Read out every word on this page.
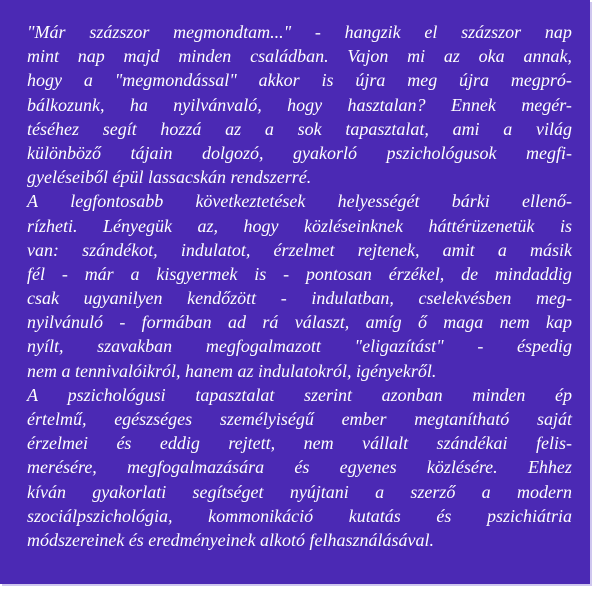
"Már százszor megmondtam..." - hangzik el százszor nap
mint nap majd minden családban. Vajon mi az oka annak,
hogy a "megmondással" akkor is újra meg újra megpró-
bálkozunk, ha nyilvánvaló, hogy hasztalan? Ennek megér-
téséhez segít hozzá az a sok tapasztalat, ami a világ
különböző tájain dolgozó, gyakorló pszichológusok megfi-
gyeléseiből épül lassacskán rendszerré.
A legfontosabb következtetések helyességét bárki ellenő-
rízheti. Lényegük az, hogy közléseinknek háttérüzenetük is
van: szándékot, indulatot, érzelmet rejtenek, amit a másik
fél - már a kisgyermek is - pontosan érzékel, de mindaddig
csak ugyanilyen kendőzött - indulatban, cselekvésben meg-
nyilvánuló - formában ad rá választ, amíg ő maga nem kap
nyílt, szavakban megfogalmazott "eligazítást" - éspedig
nem a tennivalóikról, hanem az indulatokról, igényekről.
A pszichológusi tapasztalat szerint azonban minden ép
értelmű, egészséges személyiségű ember megtanítható saját
érzelmei és eddig rejtett, nem vállalt szándékai felis-
merésére, megfogalmazására és egyenes közlésére. Ehhez
kíván gyakorlati segítséget nyújtani a szerző a modern
szociálpszichológia, kommonikáció kutatás és pszichiátria
módszereinek és eredményeinek alkotó felhasználásával.
